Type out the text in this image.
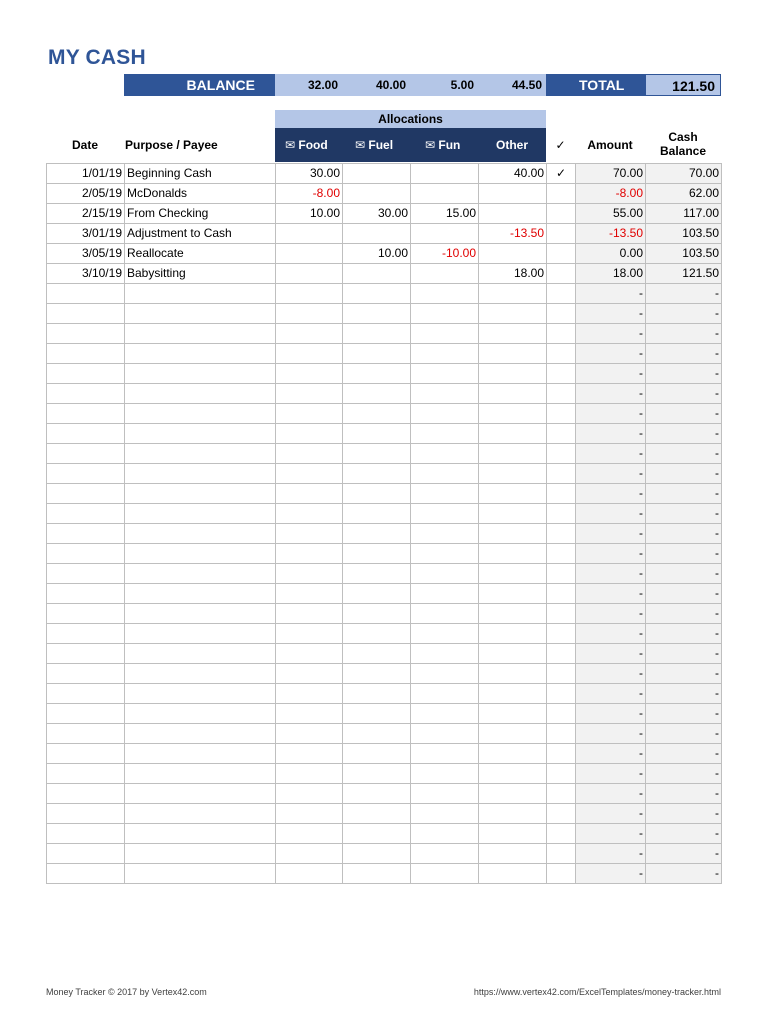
MY CASH
BALANCE	32.00	40.00	5.00	44.50	TOTAL	121.50
Allocations
Date	Purpose / Payee	✉ Food	✉ Fuel	✉ Fun	Other	✓	Amount
Cash
Balance
1/01/19	Beginning Cash	30.00			40.00	✓	70.00	70.00
2/05/19	McDonalds	-8.00					-8.00	62.00
2/15/19	From Checking	10.00	30.00	15.00			55.00	117.00
3/01/19	Adjustment to Cash				-13.50		-13.50	103.50
3/05/19	Reallocate		10.00	-10.00			0.00	103.50
3/10/19	Babysitting				18.00		18.00	121.50
							-	-
							-	-
							-	-
							-	-
							-	-
							-	-
							-	-
							-	-
							-	-
							-	-
							-	-
							-	-
							-	-
							-	-
							-	-
							-	-
							-	-
							-	-
							-	-
							-	-
							-	-
							-	-
							-	-
							-	-
							-	-
							-	-
							-	-
							-	-
							-	-
							-	-
Money Tracker © 2017 by Vertex42.com	https://www.vertex42.com/ExcelTemplates/money-tracker.html
